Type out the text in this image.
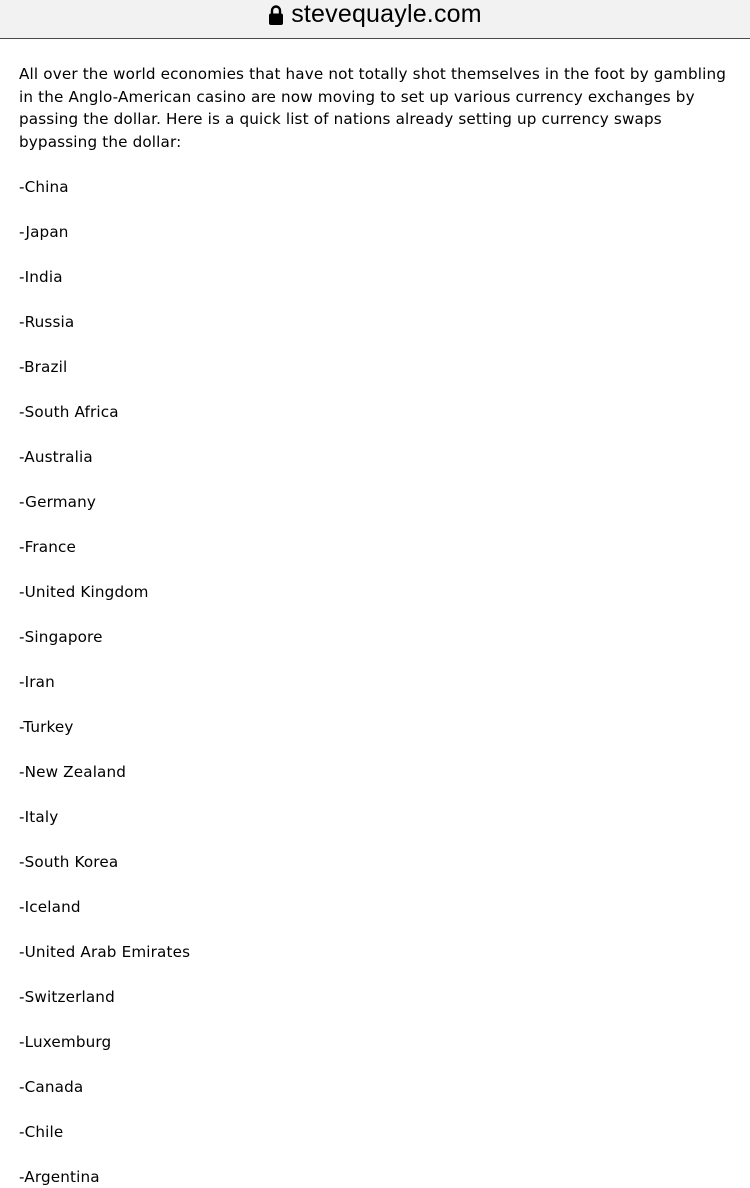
stevequayle.com

All over the world economies that have not totally shot themselves in the foot by gambling in the Anglo-American casino are now moving to set up various currency exchanges by passing the dollar. Here is a quick list of nations already setting up currency swaps bypassing the dollar:

-China
-Japan
-India
-Russia
-Brazil
-South Africa
-Australia
-Germany
-France
-United Kingdom
-Singapore
-Iran
-Turkey
-New Zealand
-Italy
-South Korea
-Iceland
-United Arab Emirates
-Switzerland
-Luxemburg
-Canada
-Chile
-Argentina
